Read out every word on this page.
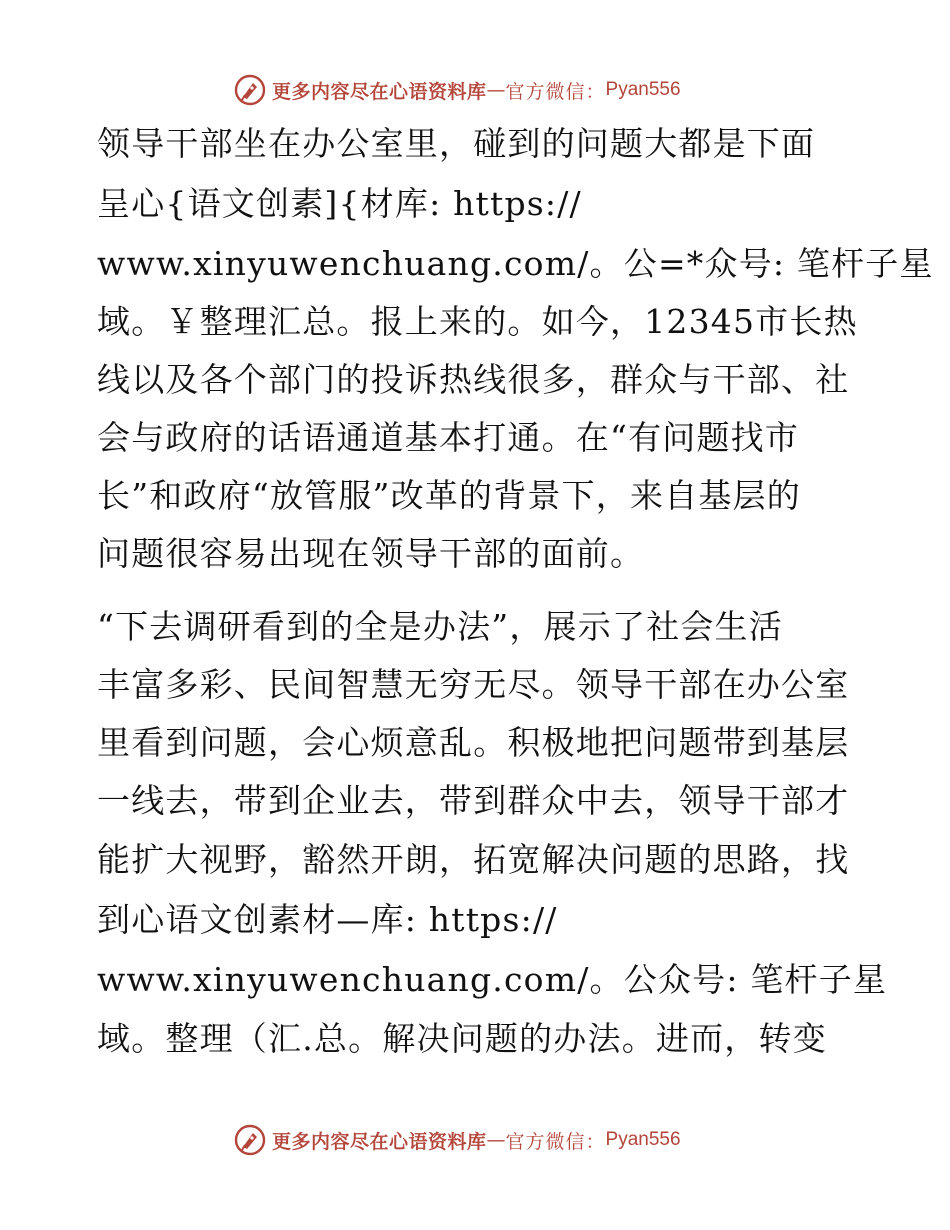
更多内容尽在心语资料库 — 官方微信： Pyan556
领导干部坐在办公室里，碰到的问题大都是下面
呈心{语文创素]{材库: https://
www.xinyuwenchuang.com/。公=*众号: 笔杆子星
域。￥整理汇总。报上来的。如今，12345市长热
线以及各个部门的投诉热线很多，群众与干部、社
会与政府的话语通道基本打通。在“有问题找市
长”和政府“放管服”改革的背景下，来自基层的
问题很容易出现在领导干部的面前。
“下去调研看到的全是办法”，展示了社会生活
丰富多彩、民间智慧无穷无尽。领导干部在办公室
里看到问题，会心烦意乱。积极地把问题带到基层
一线去，带到企业去，带到群众中去，领导干部才
能扩大视野，豁然开朗，拓宽解决问题的思路，找
到心语文创素材—库: https://
www.xinyuwenchuang.com/。公众号: 笔杆子星
域。整理（汇.总。解决问题的办法。进而，转变
更多内容尽在心语资料库 — 官方微信： Pyan556
